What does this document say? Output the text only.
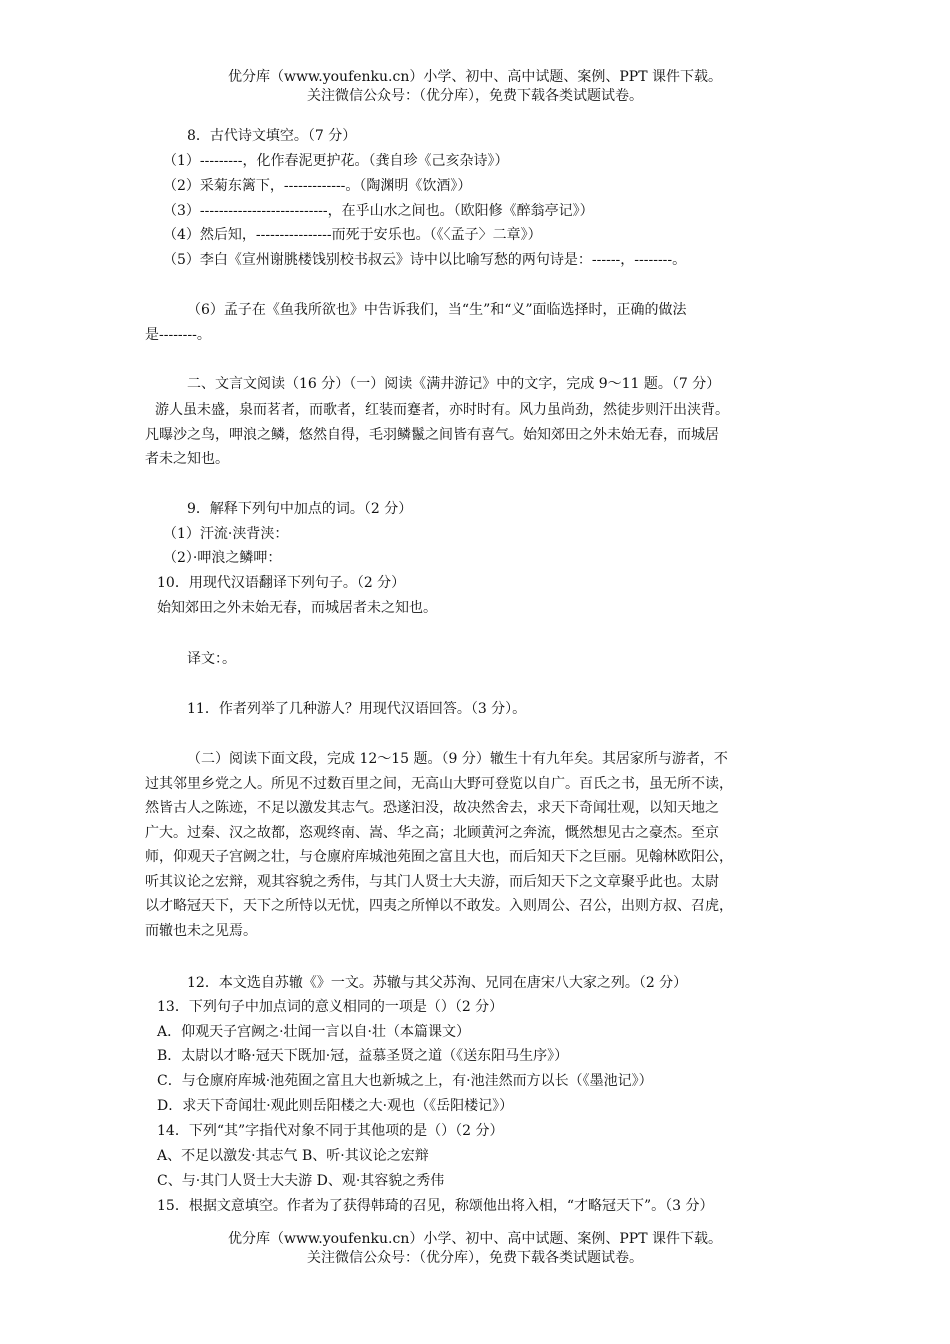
优分库（www.youfenku.cn）小学、初中、高中试题、案例、PPT 课件下载。
关注微信公众号：（优分库），免费下载各类试题试卷。
8．古代诗文填空。（7 分）
（1）---------，化作春泥更护花。（龚自珍《己亥杂诗》）
（2）采菊东篱下，-------------。（陶渊明《饮酒》）
（3）---------------------------，在乎山水之间也。（欧阳修《醉翁亭记》）
（4）然后知，----------------而死于安乐也。（《〈孟子〉二章》）
（5）李白《宣州谢朓楼饯别校书叔云》诗中以比喻写愁的两句诗是：------，--------。
（6）孟子在《鱼我所欲也》中告诉我们，当“生”和“义”面临选择时，正确的做法
是--------。
二、文言文阅读（16 分）（一）阅读《满井游记》中的文字，完成 9～11 题。（7 分）
游人虽未盛，泉而茗者，而歌者，红装而蹇者，亦时时有。风力虽尚劲，然徒步则汗出浃背。
凡曝沙之鸟，呷浪之鳞，悠然自得，毛羽鳞鬣之间皆有喜气。始知郊田之外未始无春，而城居
者未之知也。
9．解释下列句中加点的词。（2 分）
（1）汗流·浃背浃：
（2）·呷浪之鳞呷：
10．用现代汉语翻译下列句子。（2 分）
始知郊田之外未始无春，而城居者未之知也。
译文：。
11．作者列举了几种游人？用现代汉语回答。（3 分）。
（二）阅读下面文段，完成 12～15 题。（9 分）辙生十有九年矣。其居家所与游者，不
过其邻里乡党之人。所见不过数百里之间，无高山大野可登览以自广。百氏之书，虽无所不读，
然皆古人之陈迹，不足以激发其志气。恐遂汩没，故决然舍去，求天下奇闻壮观，以知天地之
广大。过秦、汉之故都，恣观终南、嵩、华之高；北顾黄河之奔流，慨然想见古之豪杰。至京
师，仰观天子宫阙之壮，与仓廪府库城池苑囿之富且大也，而后知天下之巨丽。见翰林欧阳公，
听其议论之宏辩，观其容貌之秀伟，与其门人贤士大夫游，而后知天下之文章聚乎此也。太尉
以才略冠天下，天下之所恃以无忧，四夷之所惮以不敢发。入则周公、召公，出则方叔、召虎，
而辙也未之见焉。
12．本文选自苏辙《》一文。苏辙与其父苏洵、兄同在唐宋八大家之列。（2 分）
13．下列句子中加点词的意义相同的一项是（）（2 分）
A．仰观天子宫阙之·壮闻一言以自·壮（本篇课文）
B．太尉以才略·冠天下既加·冠，益慕圣贤之道（《送东阳马生序》）
C．与仓廪府库城·池苑囿之富且大也新城之上，有·池洼然而方以长（《墨池记》）
D．求天下奇闻壮·观此则岳阳楼之大·观也（《岳阳楼记》）
14．下列“其”字指代对象不同于其他项的是（）（2 分）
A、不足以激发·其志气 B、听·其议论之宏辩
C、与·其门人贤士大夫游 D、观·其容貌之秀伟
15．根据文意填空。作者为了获得韩琦的召见，称颂他出将入相，“才略冠天下”。（3 分）
优分库（www.youfenku.cn）小学、初中、高中试题、案例、PPT 课件下载。
关注微信公众号：（优分库），免费下载各类试题试卷。
